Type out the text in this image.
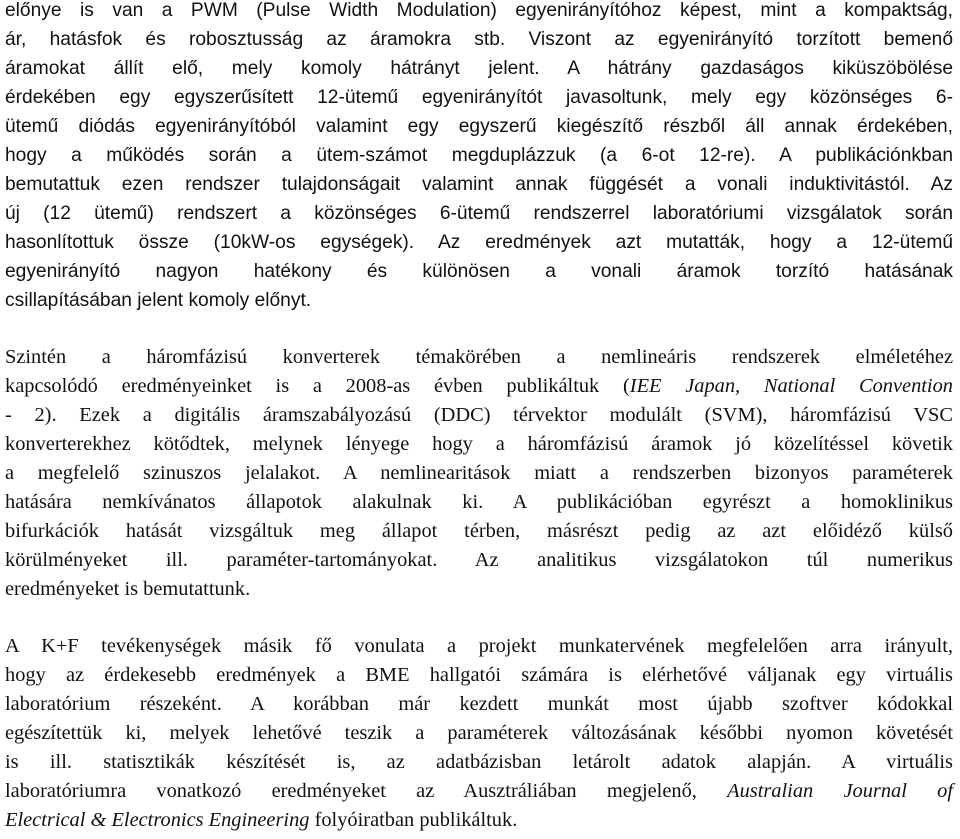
előnye is van a PWM (Pulse Width Modulation) egyenirányítóhoz képest, mint a kompaktság,
ár, hatásfok és robosztusság az áramokra stb. Viszont az egyenirányító torzított bemenő
áramokat állít elő, mely komoly hátrányt jelent. A hátrány gazdaságos kiküszöbölése
érdekében egy egyszerűsített 12-ütemű egyenirányítót javasoltunk, mely egy közönséges 6-
ütemű diódás egyenirányítóból valamint egy egyszerű kiegészítő részből áll annak érdekében,
hogy a működés során a ütem-számot megduplázzuk (a 6-ot 12-re). A publikációnkban
bemutattuk ezen rendszer tulajdonságait valamint annak függését a vonali induktivitástól. Az
új (12 ütemű) rendszert a közönséges 6-ütemű rendszerrel laboratóriumi vizsgálatok során
hasonlítottuk össze (10kW-os egységek). Az eredmények azt mutatták, hogy a 12-ütemű
egyenirányító nagyon hatékony és különösen a vonali áramok torzító hatásának
csillapításában jelent komoly előnyt.
Szintén a háromfázisú konverterek témakörében a nemlineáris rendszerek elméletéhez
kapcsolódó eredményeinket is a 2008-as évben publikáltuk (IEE Japan, National Convention
- 2). Ezek a digitális áramszabályozású (DDC) térvektor modulált (SVM), háromfázisú VSC
konverterekhez kötődtek, melynek lényege hogy a háromfázisú áramok jó közelítéssel követik
a megfelelő szinuszos jelalakot. A nemlinearitások miatt a rendszerben bizonyos paraméterek
hatására nemkívánatos állapotok alakulnak ki. A publikációban egyrészt a homoklinikus
bifurkációk hatását vizsgáltuk meg állapot térben, másrészt pedig az azt előidéző külső
körülményeket ill. paraméter-tartományokat. Az analitikus vizsgálatokon túl numerikus
eredményeket is bemutattunk.
A K+F tevékenységek másik fő vonulata a projekt munkatervének megfelelően arra irányult,
hogy az érdekesebb eredmények a BME hallgatói számára is elérhetővé váljanak egy virtuális
laboratórium részeként. A korábban már kezdett munkát most újabb szoftver kódokkal
egészítettük ki, melyek lehetővé teszik a paraméterek változásának későbbi nyomon követését
is ill. statisztikák készítését is, az adatbázisban letárolt adatok alapján. A virtuális
laboratóriumra vonatkozó eredményeket az Ausztráliában megjelenő, Australian Journal of
Electrical & Electronics Engineering folyóiratban publikáltuk.
